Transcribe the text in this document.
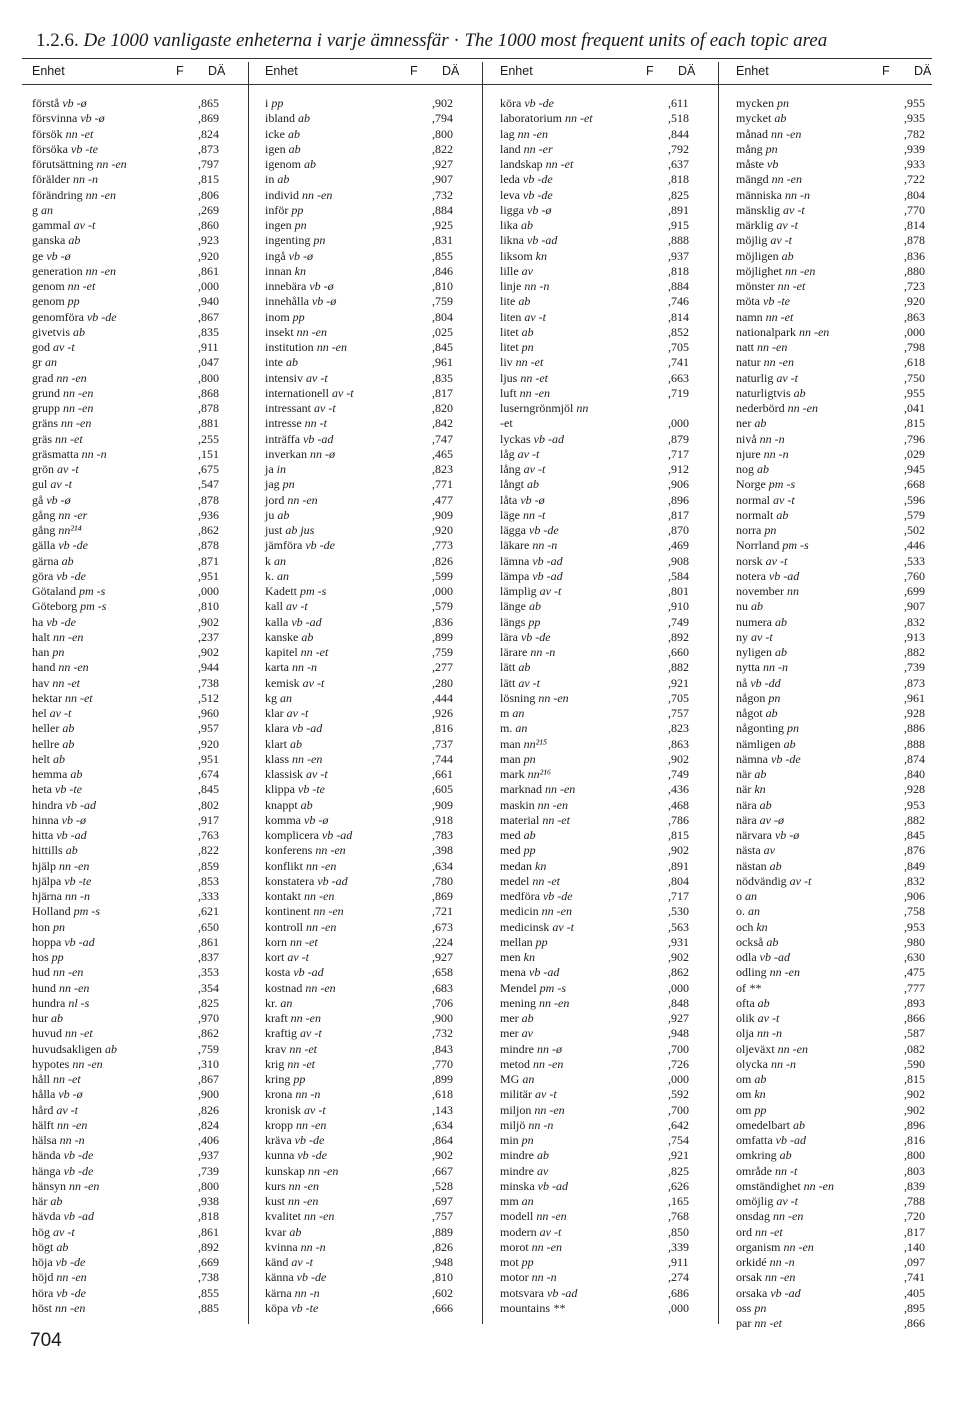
1.2.6. De 1000 vanligaste enheterna i varje ämnessfär · The 1000 most frequent units of each topic area
Enhet	F DÄ	Enhet	F DÄ	Enhet	F DÄ	Enhet	F DÄ
förstå vb -ø	,865
försvinna vb -ø	,869
försök nn -et	,824
försöka vb -te	,873
förutsättning nn -en	,797
förälder nn -n	,815
förändring nn -en	,806
g an	,269
gammal av -t	,860
ganska ab	,923
ge vb -ø	,920
generation nn -en	,861
genom nn -et	,000
genom pp	,940
genomföra vb -de	,867
givetvis ab	,835
god av -t	,911
gr an	,047
grad nn -en	,800
grund nn -en	,868
grupp nn -en	,878
gräns nn -en	,881
gräs nn -et	,255
gräsmatta nn -n	,151
grön av -t	,675
gul av -t	,547
gå vb -ø	,878
gång nn -er	,936
gång nn²¹⁴	,862
gälla vb -de	,878
gärna ab	,871
göra vb -de	,951
Götaland pm -s	,000
Göteborg pm -s	,810
ha vb -de	,902
halt nn -en	,237
han pn	,902
hand nn -en	,944
hav nn -et	,738
hektar nn -et	,512
hel av -t	,960
heller ab	,957
hellre ab	,920
helt ab	,951
hemma ab	,674
heta vb -te	,845
hindra vb -ad	,802
hinna vb -ø	,917
hitta vb -ad	,763
hittills ab	,822
hjälp nn -en	,859
hjälpa vb -te	,853
hjärna nn -n	,333
Holland pm -s	,621
hon pn	,650
hoppa vb -ad	,861
hos pp	,837
hud nn -en	,353
hund nn -en	,354
hundra nl -s	,825
hur ab	,970
huvud nn -et	,862
huvudsakligen ab	,759
hypotes nn -en	,310
håll nn -et	,867
hålla vb -ø	,900
hård av -t	,826
hälft nn -en	,824
hälsa nn -n	,406
hända vb -de	,937
hänga vb -de	,739
hänsyn nn -en	,800
här ab	,938
hävda vb -ad	,818
hög av -t	,861
högt ab	,892
höja vb -de	,669
höjd nn -en	,738
höra vb -de	,855
höst nn -en	,885
i pp	,902
ibland ab	,794
icke ab	,800
igen ab	,822
igenom ab	,927
in ab	,907
individ nn -en	,732
inför pp	,884
ingen pn	,925
ingenting pn	,831
ingå vb -ø	,855
innan kn	,846
innebära vb -ø	,810
innehålla vb -ø	,759
inom pp	,804
insekt nn -en	,025
institution nn -en	,845
inte ab	,961
intensiv av -t	,835
internationell av -t	,817
intressant av -t	,820
intresse nn -t	,842
inträffa vb -ad	,747
inverkan nn -ø	,465
ja in	,823
jag pn	,771
jord nn -en	,477
ju ab	,909
just ab jus	,920
jämföra vb -de	,773
k an	,826
k. an	,599
Kadett pm -s	,000
kall av -t	,579
kalla vb -ad	,836
kanske ab	,899
kapitel nn -et	,759
karta nn -n	,277
kemisk av -t	,280
kg an	,444
klar av -t	,926
klara vb -ad	,816
klart ab	,737
klass nn -en	,744
klassisk av -t	,661
klippa vb -te	,605
knappt ab	,909
komma vb -ø	,918
komplicera vb -ad	,783
konferens nn -en	,398
konflikt nn -en	,634
konstatera vb -ad	,780
kontakt nn -en	,869
kontinent nn -en	,721
kontroll nn -en	,673
korn nn -et	,224
kort av -t	,927
kosta vb -ad	,658
kostnad nn -en	,683
kr. an	,706
kraft nn -en	,900
kraftig av -t	,732
krav nn -et	,843
krig nn -et	,770
kring pp	,899
krona nn -n	,618
kronisk av -t	,143
kropp nn -en	,634
kräva vb -de	,864
kunna vb -de	,902
kunskap nn -en	,667
kurs nn -en	,528
kust nn -en	,697
kvalitet nn -en	,757
kvar ab	,889
kvinna nn -n	,826
känd av -t	,948
känna vb -de	,810
kärna nn -n	,602
köpa vb -te	,666
köra vb -de	,611
laboratorium nn -et	,518
lag nn -en	,844
land nn -er	,792
landskap nn -et	,637
leda vb -de	,818
leva vb -de	,825
ligga vb -ø	,891
lika ab	,915
likna vb -ad	,888
liksom kn	,937
lille av	,818
linje nn -n	,884
lite ab	,746
liten av -t	,814
litet ab	,852
litet pn	,705
liv nn -et	,741
ljus nn -et	,663
luft nn -en	,719
luserngrönmjöl nn
-et	,000
lyckas vb -ad	,879
låg av -t	,717
lång av -t	,912
långt ab	,906
låta vb -ø	,896
läge nn -t	,817
lägga vb -de	,870
läkare nn -n	,469
lämna vb -ad	,908
lämpa vb -ad	,584
lämplig av -t	,801
länge ab	,910
längs pp	,749
lära vb -de	,892
lärare nn -n	,660
lätt ab	,882
lätt av -t	,921
lösning nn -en	,705
m an	,757
m. an	,823
man nn²¹⁵	,863
man pn	,902
mark nn²¹⁶	,749
marknad nn -en	,436
maskin nn -en	,468
material nn -et	,786
med ab	,815
med pp	,902
medan kn	,891
medel nn -et	,804
medföra vb -de	,717
medicin nn -en	,530
medicinsk av -t	,563
mellan pp	,931
men kn	,902
mena vb -ad	,862
Mendel pm -s	,000
mening nn -en	,848
mer ab	,927
mer av	,948
mindre nn -ø	,700
metod nn -en	,726
MG an	,000
militär av -t	,592
miljon nn -en	,700
miljö nn -n	,642
min pn	,754
mindre ab	,921
mindre av	,825
minska vb -ad	,626
mm an	,165
modell nn -en	,768
modern av -t	,850
morot nn -en	,339
mot pp	,911
motor nn -n	,274
motsvara vb -ad	,686
mountains **	,000
mycken pn	,955
mycket ab	,935
månad nn -en	,782
mång pn	,939
måste vb	,933
mängd nn -en	,722
människa nn -n	,804
mänsklig av -t	,770
märklig av -t	,814
möjlig av -t	,878
möjligen ab	,836
möjlighet nn -en	,880
mönster nn -et	,723
möta vb -te	,920
namn nn -et	,863
nationalpark nn -en	,000
natt nn -en	,798
natur nn -en	,618
naturlig av -t	,750
naturligtvis ab	,955
nederbörd nn -en	,041
ner ab	,815
nivå nn -n	,796
njure nn -n	,029
nog ab	,945
Norge pm -s	,668
normal av -t	,596
normalt ab	,579
norra pn	,502
Norrland pm -s	,446
norsk av -t	,533
notera vb -ad	,760
november nn	,699
nu ab	,907
numera ab	,832
ny av -t	,913
nyligen ab	,882
nytta nn -n	,739
nå vb -dd	,873
någon pn	,961
något ab	,928
någonting pn	,886
nämligen ab	,888
nämna vb -de	,874
när ab	,840
när kn	,928
nära ab	,953
nära av -ø	,882
närvara vb -ø	,845
nästa av	,876
nästan ab	,849
nödvändig av -t	,832
o an	,906
o. an	,758
och kn	,953
också ab	,980
odla vb -ad	,630
odling nn -en	,475
of **	,777
ofta ab	,893
olik av -t	,866
olja nn -n	,587
oljeväxt nn -en	,082
olycka nn -n	,590
om ab	,815
om kn	,902
om pp	,902
omedelbart ab	,896
omfatta vb -ad	,816
omkring ab	,800
område nn -t	,803
omständighet nn -en	,839
omöjlig av -t	,788
onsdag nn -en	,720
ord nn -et	,817
organism nn -en	,140
orkidé nn -n	,097
orsak nn -en	,741
orsaka vb -ad	,405
oss pn	,895
par nn -et	,866
704
